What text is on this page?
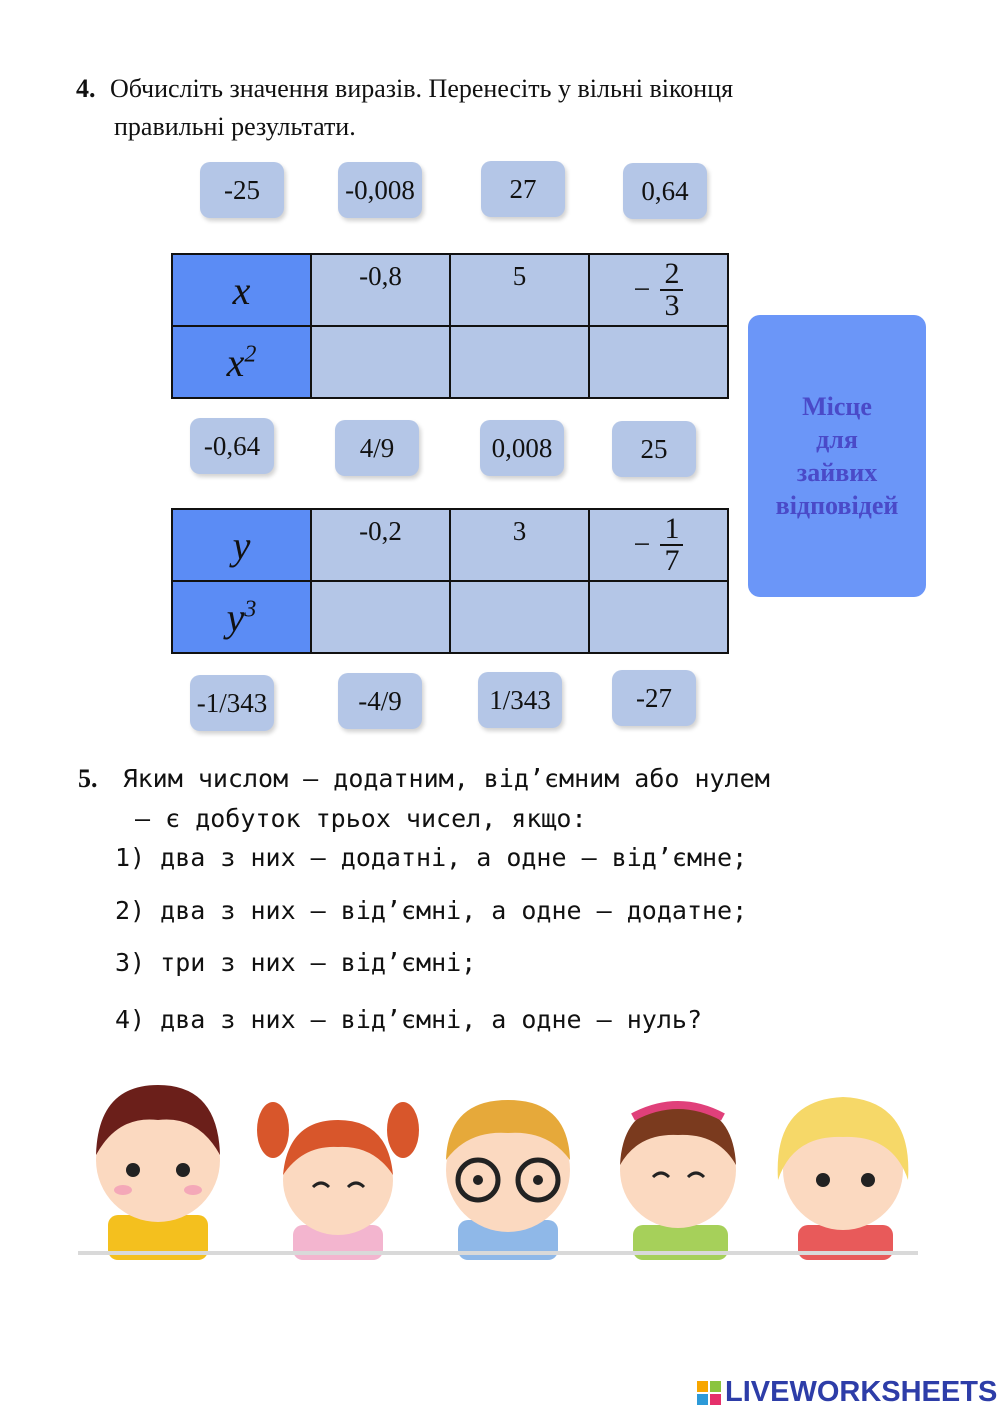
4. Обчисліть значення виразів. Перенесіть у вільні віконця
правильні результати.
-25	-0,008	27	0,64
x	-0,8	5	− $\frac{2}{3}$

$x^2$			
Місце
для
зайвих
відповідей
-0,64	4/9	0,008	25
y	-0,2	3	− $\frac{1}{7}$

$y^3$			
-1/343	-4/9	1/343	-27
5. Яким числом — додатним, від’ємним або нулем
— є добуток трьох чисел, якщо:
1) два з них — додатні, а одне — від’ємне;
2) два з них — від’ємні, а одне — додатне;
3) три з них — від’ємні;
4) два з них — від’ємні, а одне — нуль?
LIVEWORKSHEETS
